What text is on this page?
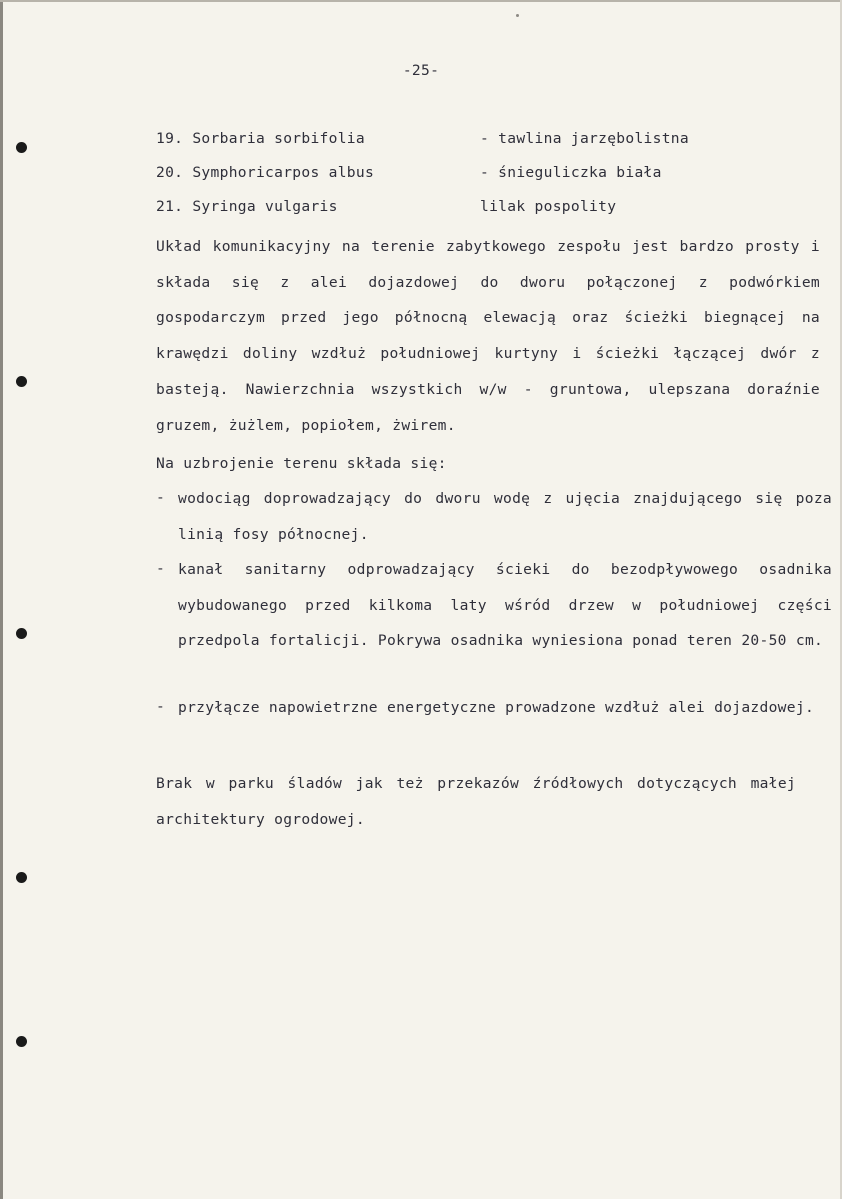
-25-
19. Sorbaria sorbifolia	- tawlina jarzębolistna
20. Symphoricarpos albus	- śnieguliczka biała
21. Syringa vulgaris	lilak pospolity

Układ komunikacyjny na terenie zabytkowego zespołu jest bardzo prosty i składa się z alei dojazdowej do dworu połączonej z podwórkiem gospodarczym przed jego północną elewacją oraz ścieżki biegnącej na krawędzi doliny wzdłuż południowej kurtyny i ścieżki łączącej dwór z basteją. Nawierzchnia wszystkich w/w - gruntowa, ulepszana doraźnie gruzem, żużlem, popiołem, żwirem.

Na uzbrojenie terenu składa się:
- wodociąg doprowadzający do dworu wodę z ujęcia znajdującego się poza linią fosy północnej.

- kanał sanitarny odprowadzający ścieki do bezodpływowego osadnika wybudowanego przed kilkoma laty wśród drzew w południowej części przedpola fortalicji. Pokrywa osadnika wyniesiona ponad teren 20-50 cm.

- przyłącze napowietrzne energetyczne prowadzone wzdłuż alei dojazdowej.

Brak w parku śladów jak też przekazów źródłowych dotyczących małej architektury ogrodowej.
